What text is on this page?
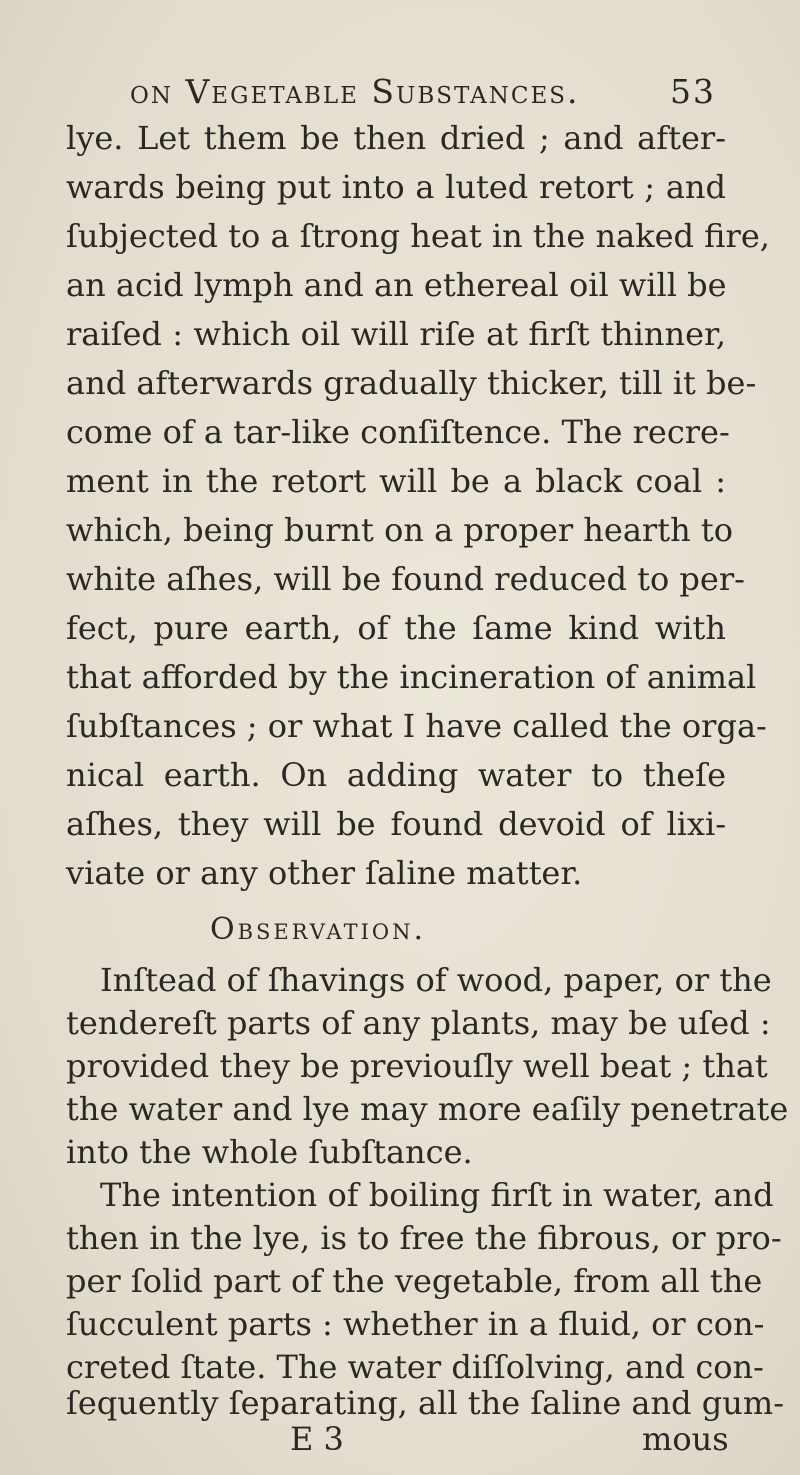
on Vegetable Substances.	53
lye. Let them be then dried ; and after-
wards being put into a luted retort ; and
ſubjected to a ſtrong heat in the naked fire,
an acid lymph and an ethereal oil will be
raiſed : which oil will riſe at firſt thinner,
and afterwards gradually thicker, till it be-
come of a tar-like conſiſtence. The recre-
ment in the retort will be a black coal :
which, being burnt on a proper hearth to
white aſhes, will be found reduced to per-
fect, pure earth, of the ſame kind with
that afforded by the incineration of animal
ſubſtances ; or what I have called the orga-
nical earth. On adding water to theſe
aſhes, they will be found devoid of lixi-
viate or any other ſaline matter.
Observation.
Inſtead of ſhavings of wood, paper, or the
tendereſt parts of any plants, may be uſed :
provided they be previouſly well beat ; that
the water and lye may more eaſily penetrate
into the whole ſubſtance.
The intention of boiling firſt in water, and
then in the lye, is to free the fibrous, or pro-
per ſolid part of the vegetable, from all the
ſucculent parts : whether in a fluid, or con-
creted ſtate. The water diſſolving, and con-
ſequently ſeparating, all the ſaline and gum-
E 3	mous
